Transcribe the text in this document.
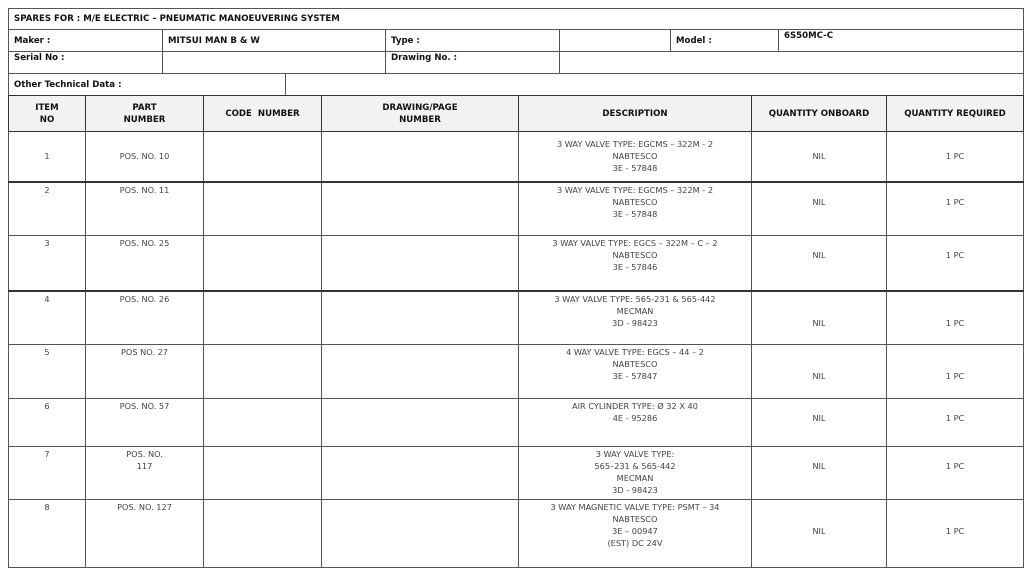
SPARES FOR : M/E ELECTRIC – PNEUMATIC MANOEUVERING SYSTEM						
Maker :	MITSUI MAN B & W		Type :		Model :	6S50MC-C
Serial No :			Drawing No. :			
Other Technical Data :						
ITEM
NO	PART
NUMBER	CODE  NUMBER	DRAWING/PAGE
NUMBER	DESCRIPTION	QUANTITY ONBOARD	QUANTITY REQUIRED
1	POS. NO. 10			3 WAY VALVE TYPE: EGCMS – 322M - 2
NABTESCO
3E - 57848	NIL	1 PC
2	POS. NO. 11			3 WAY VALVE TYPE: EGCMS – 322M - 2
NABTESCO
3E - 57848	NIL	1 PC
3	POS. NO. 25			3 WAY VALVE TYPE: EGCS – 322M – C – 2
NABTESCO
3E - 57846	NIL	1 PC
4	POS. NO. 26			3 WAY VALVE TYPE: 565-231 & 565-442
MECMAN
3D - 98423	NIL	1 PC
5	POS NO. 27			4 WAY VALVE TYPE: EGCS – 44 – 2
NABTESCO
3E - 57847	NIL	1 PC
6	POS. NO. 57			AIR CYLINDER TYPE: Ø 32 X 40
4E - 95286	NIL	1 PC
7	POS. NO.
117			3 WAY VALVE TYPE:
565–231 & 565-442
MECMAN
3D - 98423	NIL	1 PC
8	POS. NO. 127			3 WAY MAGNETIC VALVE TYPE: PSMT – 34
NABTESCO
3E – 00947
(EST) DC 24V	NIL	1 PC
